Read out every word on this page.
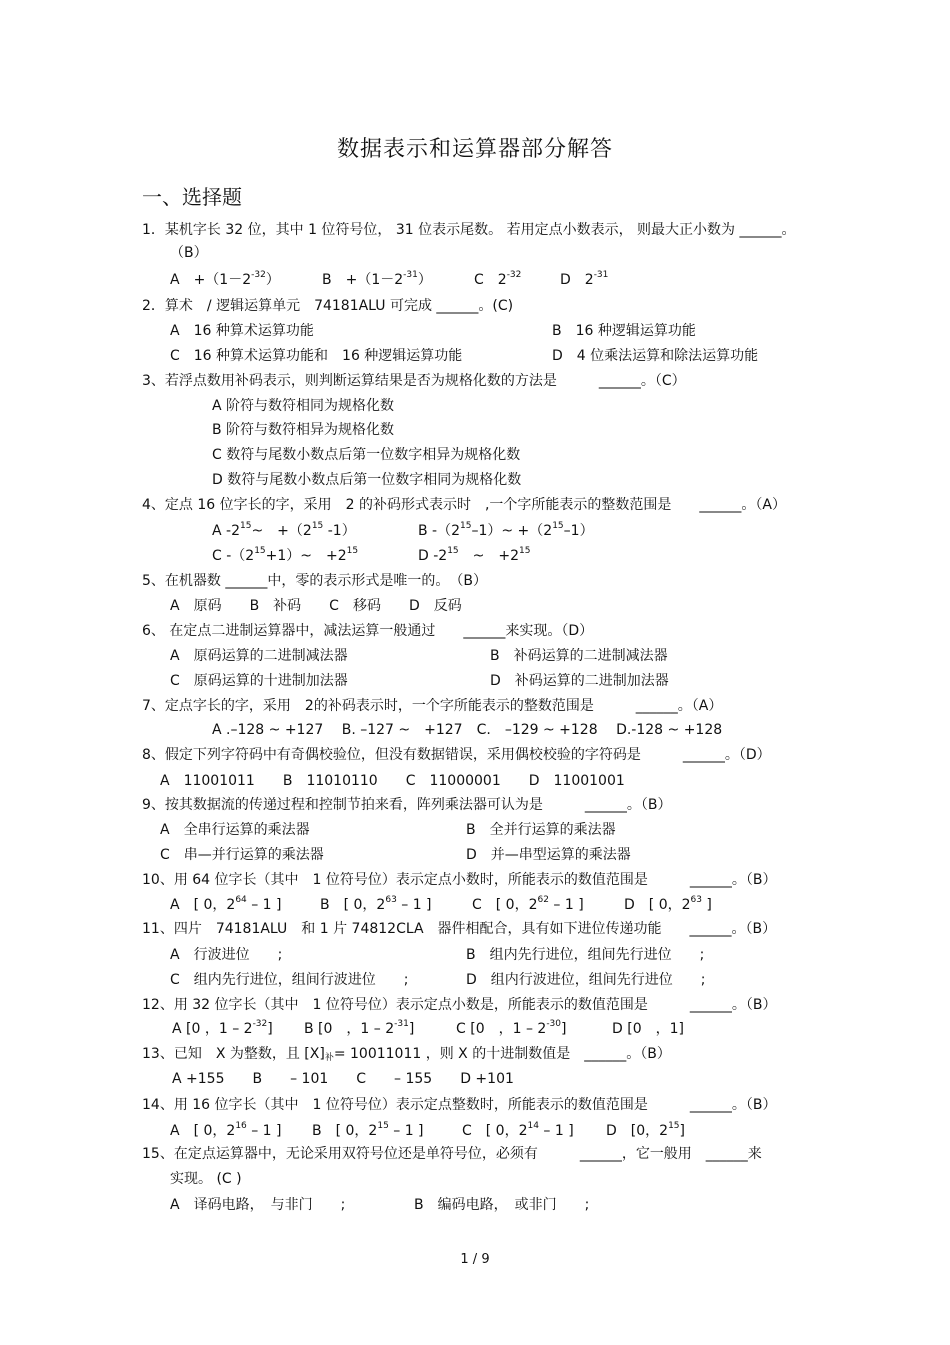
数据表示和运算器部分解答
一、选择题
1．某机字长 32 位，其中 1 位符号位， 31 位表示尾数。 若用定点小数表示， 则最大正小数为 ______。
（B）
A　$+(1-2^{-32})$	B　$+(1-2^{-31})$	C　$2^{-32}$	D　$2^{-31}$
2．算术　/ 逻辑运算单元　74181ALU 可完成 ______。(C)
A　16 种算术运算功能	B　16 种逻辑运算功能
C　16 种算术运算功能和　16 种逻辑运算功能	D　4 位乘法运算和除法运算功能
3、若浮点数用补码表示，则判断运算结果是否为规格化数的方法是　　　______。（C）
A 阶符与数符相同为规格化数
B 阶符与数符相异为规格化数
C 数符与尾数小数点后第一位数字相异为规格化数
D 数符与尾数小数点后第一位数字相同为规格化数
4、定点 16 位字长的字，采用　2 的补码形式表示时　,一个字所能表示的整数范围是　　______。（A）
A $-2^{15}\sim$　$+(2^{15}$ -1）	B $-(2^{15}-1)\sim +(2^{15}-1)$
C $-(2^{15}+1)\sim$　$+2^{15}$	D $-2^{15}$　~　$+2^{15}$
5、在机器数 ______中，零的表示形式是唯一的。　（B）
A　原码　　B　补码　　C　移码　　D　反码
6、 在定点二进制运算器中，减法运算一般通过　　______来实现。（D）
A　原码运算的二进制减法器	B　补码运算的二进制减法器
C　原码运算的十进制加法器	D　补码运算的二进制加法器
7、定点字长的字，采用　2的补码表示时，一个字所能表示的整数范围是　　　______。（A）
A .–128 ~ +127　 B. –127 ~　+127　C.　–129 ~ +128　 D.-128 ~ +128
8、假定下列字符码中有奇偶校验位，但没有数据错误，采用偶校校验的字符码是　　　______。（D）
A　11001011　　B　11010110　　C　11000001　　D　11001001
9、按其数据流的传递过程和控制节拍来看，阵列乘法器可认为是　　　______。（B）
A　全串行运算的乘法器	B　全并行运算的乘法器
C　串—并行运算的乘法器	D　并—串型运算的乘法器
10、用 64 位字长（其中　1 位符号位）表示定点小数时，所能表示的数值范围是　　　______。（B）
A　[ 0，$2^{64} - 1$ ]	B　[ 0，$2^{63} - 1$ ]	C　[ 0，$2^{62} - 1$ ]	D　[ 0，$2^{63}$ ]
11、四片　74181ALU　和 1 片 74812CLA　器件相配合，具有如下进位传递功能　　______。（B）
A　行波进位　　;	B　组内先行进位，组间先行进位　　;
C　组内先行进位，组间行波进位　　;	D　组内行波进位，组间先行进位　　;
12、用 32 位字长（其中　1 位符号位）表示定点小数是，所能表示的数值范围是　　　______。（B）
A [0 ，$1 - 2^{-32}$] B [0　，$1 - 2^{-31}$]	C [0　，$1 - 2^{-30}$]	D [0　，1]
13、已知　X 为整数，且 $[X]_补= 10011011$ ，则 X 的十进制数值是　______。（B）
A +155　　B　　– 101　　C　　– 155　　D +101
14、用 16 位字长（其中　1 位符号位）表示定点整数时，所能表示的数值范围是　　　______。（B）
A　[ 0，$2^{16} - 1$ ] B　[ 0，$2^{15} - 1$ ]	C　[ 0，$2^{14} - 1$ ] D　[0，$2^{15}$]
15、在定点运算器中，无论采用双符号位还是单符号位，必须有　　　______，它一般用　______来
实现。 (C )
A　译码电路，　与非门　　;	B　编码电路，　或非门　　;
1 / 9
